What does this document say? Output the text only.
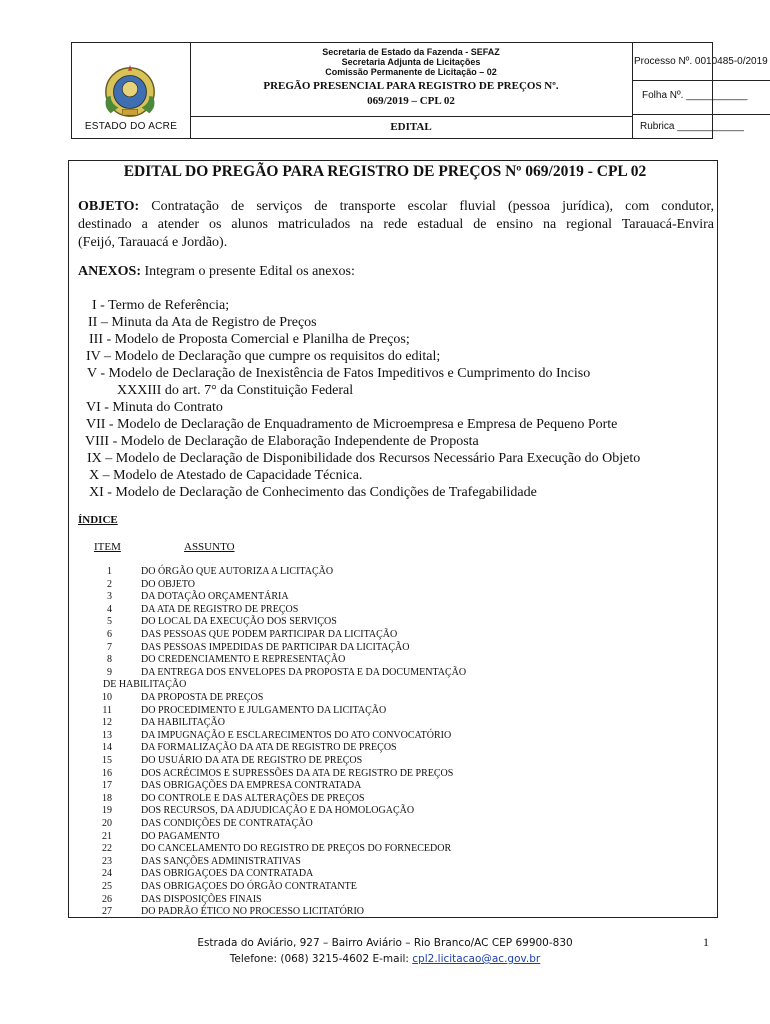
ESTADO DO ACRE
Secretaria de Estado da Fazenda - SEFAZ
Secretaria Adjunta de Licitações
Comissão Permanente de Licitação – 02
PREGÃO PRESENCIAL PARA REGISTRO DE PREÇOS Nº.
069/2019 – CPL 02
EDITAL
Processo Nº. 0010485-0/2019
Folha Nº. ___________
Rubrica ____________
EDITAL DO PREGÃO PARA REGISTRO DE PREÇOS Nº 069/2019 - CPL 02
OBJETO: Contratação de serviços de transporte escolar fluvial (pessoa jurídica), com condutor,
destinado a atender os alunos matriculados na rede estadual de ensino na regional Tarauacá-Envira
(Feijó, Tarauacá e Jordão).
ANEXOS: Integram o presente Edital os anexos:
I - Termo de Referência;
II – Minuta da Ata de Registro de Preços
III - Modelo de Proposta Comercial e Planilha de Preços;
IV – Modelo de Declaração que cumpre os requisitos do edital;
V - Modelo de Declaração de Inexistência de Fatos Impeditivos e Cumprimento do Inciso
XXXIII do art. 7° da Constituição Federal
VI - Minuta do Contrato
VII - Modelo de Declaração de Enquadramento de Microempresa e Empresa de Pequeno Porte
VIII - Modelo de Declaração de Elaboração Independente de Proposta
IX – Modelo de Declaração de Disponibilidade dos Recursos Necessário Para Execução do Objeto
X – Modelo de Atestado de Capacidade Técnica.
XI - Modelo de Declaração de Conhecimento das Condições de Trafegabilidade
ÍNDICE
ITEM	ASSUNTO
1	DO ÓRGÃO QUE AUTORIZA A LICITAÇÃO
2	DO OBJETO
3	DA DOTAÇÃO ORÇAMENTÁRIA
4	DA ATA DE REGISTRO DE PREÇOS
5	DO LOCAL DA EXECUÇÃO DOS SERVIÇOS
6	DAS PESSOAS QUE PODEM PARTICIPAR DA LICITAÇÃO
7	DAS PESSOAS IMPEDIDAS DE PARTICIPAR DA LICITAÇÃO
8	DO CREDENCIAMENTO E REPRESENTAÇÃO
9	DA ENTREGA DOS ENVELOPES DA PROPOSTA E DA DOCUMENTAÇÃO
DE HABILITAÇÃO
10	DA PROPOSTA DE PREÇOS
11	DO PROCEDIMENTO E JULGAMENTO DA LICITAÇÃO
12	DA HABILITAÇÃO
13	DA IMPUGNAÇÃO E ESCLARECIMENTOS DO ATO CONVOCATÓRIO
14	DA FORMALIZAÇÃO DA ATA DE REGISTRO DE PREÇOS
15	DO USUÁRIO DA ATA DE REGISTRO DE PREÇOS
16	DOS ACRÉCIMOS E SUPRESSÕES DA ATA DE REGISTRO DE PREÇOS
17	DAS OBRIGAÇÕES DA EMPRESA CONTRATADA
18	DO CONTROLE E DAS ALTERAÇÕES DE PREÇOS
19	DOS RECURSOS, DA ADJUDICAÇÃO E DA HOMOLOGAÇÃO
20	DAS CONDIÇÕES DE CONTRATAÇÃO
21	DO PAGAMENTO
22	DO CANCELAMENTO DO REGISTRO DE PREÇOS DO FORNECEDOR
23	DAS SANÇÕES ADMINISTRATIVAS
24	DAS OBRIGAÇOES DA CONTRATADA
25	DAS OBRIGAÇOES DO ÓRGÃO CONTRATANTE
26	DAS DISPOSIÇÕES FINAIS
27	DO PADRÃO ÉTICO NO PROCESSO LICITATÓRIO
Estrada do Aviário, 927 – Bairro Aviário – Rio Branco/AC CEP 69900-830
Telefone: (068) 3215-4602 E-mail: cpl2.licitacao@ac.gov.br
1
